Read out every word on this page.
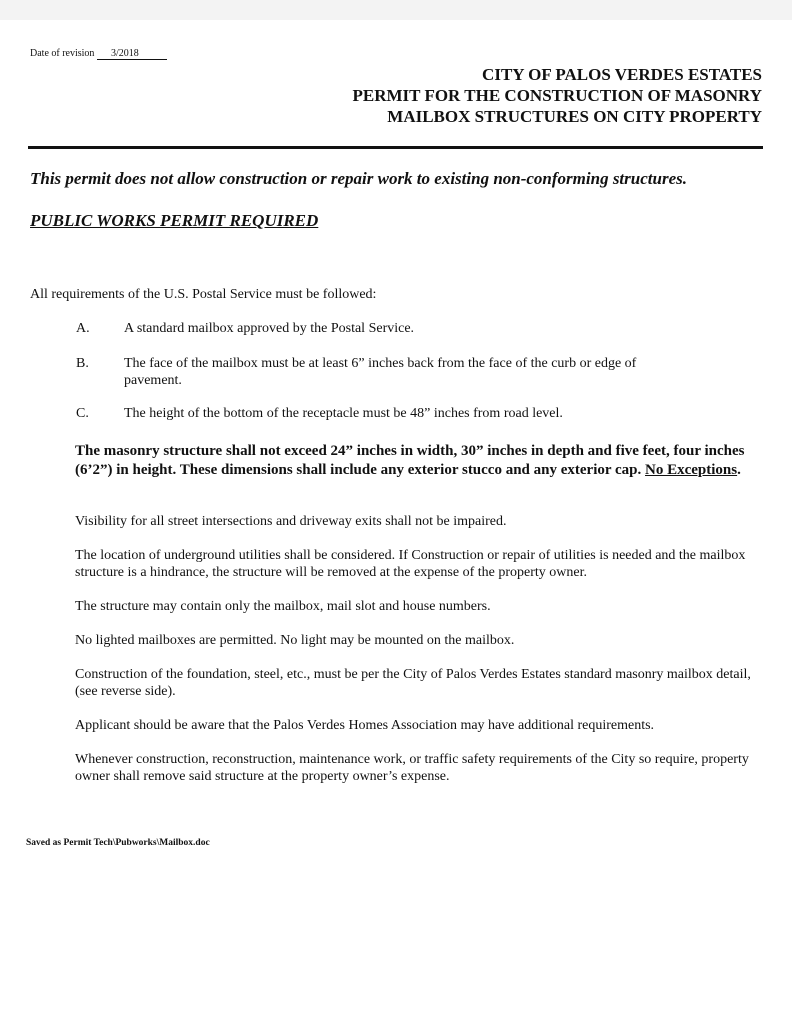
Date of revision 3/2018
CITY OF PALOS VERDES ESTATES
PERMIT FOR THE CONSTRUCTION OF MASONRY
MAILBOX STRUCTURES ON CITY PROPERTY
This permit does not allow construction or repair work to existing non-conforming structures.
PUBLIC WORKS PERMIT REQUIRED
All requirements of the U.S. Postal Service must be followed:
A. A standard mailbox approved by the Postal Service.
B.	The face of the mailbox must be at least 6” inches back from the face of the curb or edge of pavement.
C.	The height of the bottom of the receptacle must be 48” inches from road level.
The masonry structure shall not exceed 24” inches in width, 30” inches in depth and five feet, four inches (6’2”) in height. These dimensions shall include any exterior stucco and any exterior cap. No Exceptions.
Visibility for all street intersections and driveway exits shall not be impaired.
The location of underground utilities shall be considered. If Construction or repair of utilities is needed and the mailbox structure is a hindrance, the structure will be removed at the expense of the property owner.
The structure may contain only the mailbox, mail slot and house numbers.
No lighted mailboxes are permitted. No light may be mounted on the mailbox.
Construction of the foundation, steel, etc., must be per the City of Palos Verdes Estates standard masonry mailbox detail, (see reverse side).
Applicant should be aware that the Palos Verdes Homes Association may have additional requirements.
Whenever construction, reconstruction, maintenance work, or traffic safety requirements of the City so require, property owner shall remove said structure at the property owner’s expense.
Saved as Permit Tech\Pubworks\Mailbox.doc
